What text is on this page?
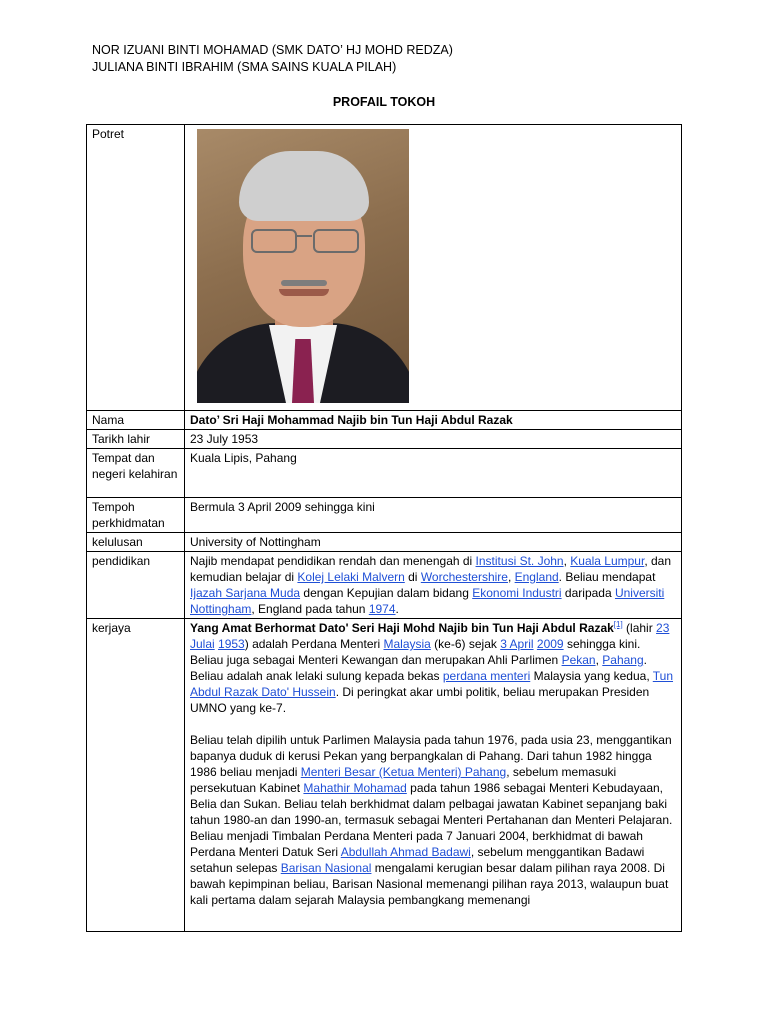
NOR IZUANI BINTI MOHAMAD (SMK DATO’ HJ MOHD REDZA)
JULIANA BINTI IBRAHIM (SMA SAINS KUALA PILAH)
PROFAIL TOKOH
Potret	

Nama	Dato’ Sri Haji Mohammad Najib bin Tun Haji Abdul Razak
Tarikh lahir	23 July 1953
Tempat dan negeri kelahiran	Kuala Lipis, Pahang
Tempoh perkhidmatan	Bermula 3 April 2009 sehingga kini
kelulusan	University of Nottingham
pendidikan	Najib mendapat pendidikan rendah dan menengah di Institusi St. John, Kuala Lumpur, dan kemudian belajar di Kolej Lelaki Malvern di Worchestershire, England. Beliau mendapat Ijazah Sarjana Muda dengan Kepujian dalam bidang Ekonomi Industri daripada Universiti Nottingham, England pada tahun 1974.
kerjaya	Yang Amat Berhormat Dato' Seri Haji Mohd Najib bin Tun Haji Abdul Razak[1] (lahir 23 Julai 1953) adalah Perdana Menteri Malaysia (ke-6) sejak 3 April 2009 sehingga kini. Beliau juga sebagai Menteri Kewangan dan merupakan Ahli Parlimen Pekan, Pahang. Beliau adalah anak lelaki sulung kepada bekas perdana menteri Malaysia yang kedua, Tun Abdul Razak Dato' Hussein. Di peringkat akar umbi politik, beliau merupakan Presiden UMNO yang ke-7.

Beliau telah dipilih untuk Parlimen Malaysia pada tahun 1976, pada usia 23, menggantikan bapanya duduk di kerusi Pekan yang berpangkalan di Pahang. Dari tahun 1982 hingga 1986 beliau menjadi Menteri Besar (Ketua Menteri) Pahang, sebelum memasuki persekutuan Kabinet Mahathir Mohamad pada tahun 1986 sebagai Menteri Kebudayaan, Belia dan Sukan. Beliau telah berkhidmat dalam pelbagai jawatan Kabinet sepanjang baki tahun 1980-an dan 1990-an, termasuk sebagai Menteri Pertahanan dan Menteri Pelajaran. Beliau menjadi Timbalan Perdana Menteri pada 7 Januari 2004, berkhidmat di bawah Perdana Menteri Datuk Seri Abdullah Ahmad Badawi, sebelum menggantikan Badawi setahun selepas Barisan Nasional mengalami kerugian besar dalam pilihan raya 2008. Di bawah kepimpinan beliau, Barisan Nasional memenangi pilihan raya 2013, walaupun buat kali pertama dalam sejarah Malaysia pembangkang memenangi
